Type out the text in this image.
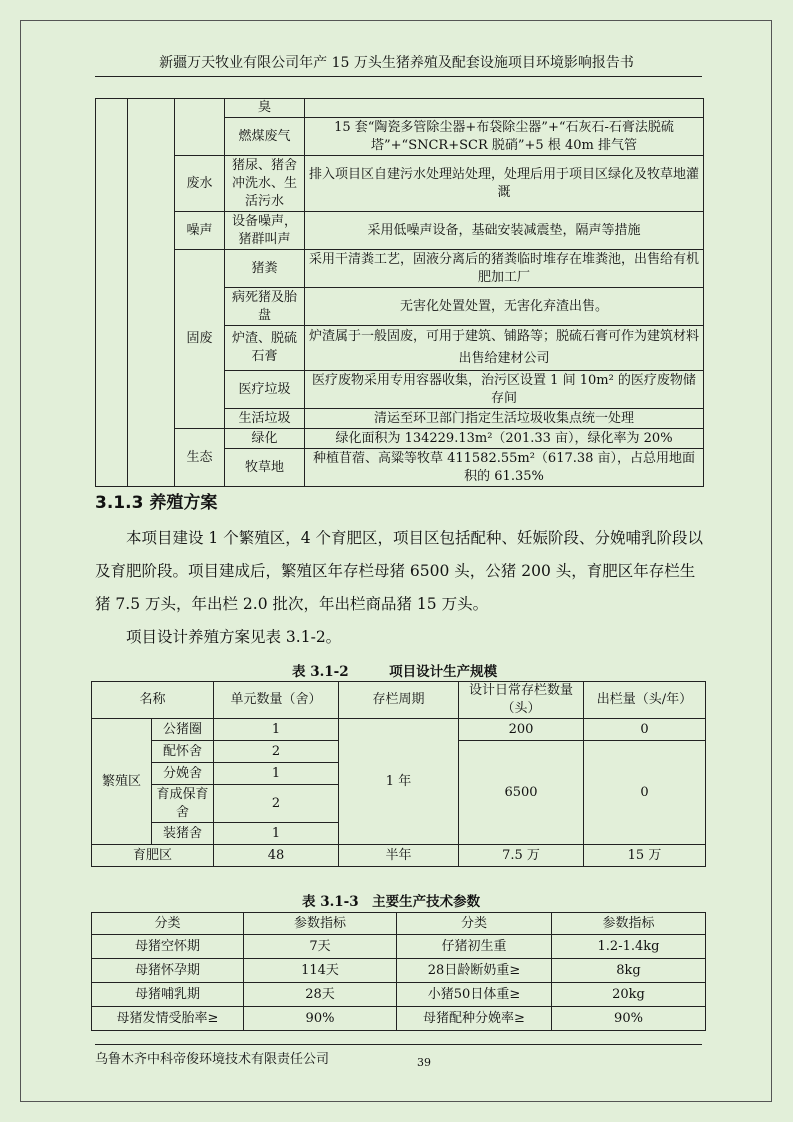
新疆万天牧业有限公司年产 15 万头生猪养殖及配套设施项目环境影响报告书
			臭	
			燃煤废气	15 套“陶瓷多管除尘器+布袋除尘器”+“石灰石-石膏法脱硫塔”+“SNCR+SCR 脱硝”+5 根 40m 排气管
		废水	猪尿、猪舍冲洗水、生活污水	排入项目区自建污水处理站处理，处理后用于项目区绿化及牧草地灌溉
		噪声	设备噪声，猪群叫声	采用低噪声设备，基础安装减震垫，隔声等措施
		固废	猪粪	采用干清粪工艺，固液分离后的猪粪临时堆存在堆粪池，出售给有机肥加工厂
			病死猪及胎盘	无害化处置处置，无害化弃渣出售。
			炉渣、脱硫石膏	炉渣属于一般固废，可用于建筑、铺路等；脱硫石膏可作为建筑材料出售给建材公司
			医疗垃圾	医疗废物采用专用容器收集，治污区设置 1 间 10m² 的医疗废物储存间
			生活垃圾	清运至环卫部门指定生活垃圾收集点统一处理
		生态	绿化	绿化面积为 134229.13m²（201.33 亩），绿化率为 20%
			牧草地	种植苜蓿、高粱等牧草 411582.55m²（617.38 亩），占总用地面积的 61.35%
3.1.3 养殖方案
本项目建设 1 个繁殖区，4 个育肥区，项目区包括配种、妊娠阶段、分娩哺乳阶段以及育肥阶段。项目建成后，繁殖区年存栏母猪 6500 头，公猪 200 头，育肥区年存栏生猪 7.5 万头，年出栏 2.0 批次，年出栏商品猪 15 万头。
项目设计养殖方案见表 3.1-2。
表 3.1-2　　　项目设计生产规模
名称		单元数量（舍）	存栏周期	设计日常存栏数量（头）	出栏量（头/年）
繁殖区	公猪圈	1	1 年	200	0
	配怀舍	2		6500	0
	分娩舍	1			
	育成保育舍	2			
	装猪舍	1			
育肥区		48	半年	7.5 万	15 万
表 3.1-3　主要生产技术参数
分类	参数指标	分类	参数指标
母猪空怀期	7天	仔猪初生重	1.2-1.4kg
母猪怀孕期	114天	28日龄断奶重≥	8kg
母猪哺乳期	28天	小猪50日体重≥	20kg
母猪发情受胎率≥	90%	母猪配种分娩率≥	90%
乌鲁木齐中科帝俊环境技术有限责任公司	39
